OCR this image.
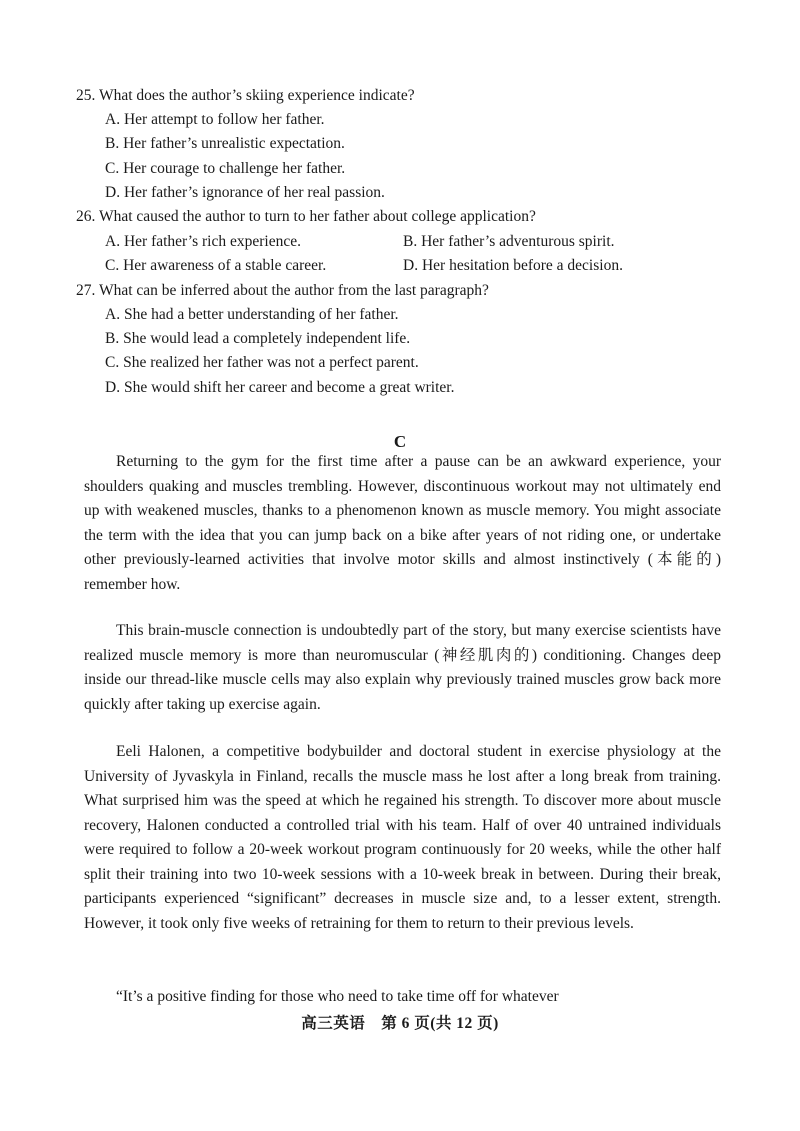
25. What does the author’s skiing experience indicate?
A. Her attempt to follow her father.
B. Her father’s unrealistic expectation.
C. Her courage to challenge her father.
D. Her father’s ignorance of her real passion.
26. What caused the author to turn to her father about college application?
A. Her father’s rich experience.	B. Her father’s adventurous spirit.
C. Her awareness of a stable career.	D. Her hesitation before a decision.
27. What can be inferred about the author from the last paragraph?
A. She had a better understanding of her father.
B. She would lead a completely independent life.
C. She realized her father was not a perfect parent.
D. She would shift her career and become a great writer.
C

Returning to the gym for the first time after a pause can be an awkward experience, your shoulders quaking and muscles trembling. However, discontinuous workout may not ultimately end up with weakened muscles, thanks to a phenomenon known as muscle memory. You might associate the term with the idea that you can jump back on a bike after years of not riding one, or undertake other previously-learned activities that involve motor skills and almost instinctively (本能的) remember how.

This brain-muscle connection is undoubtedly part of the story, but many exercise scientists have realized muscle memory is more than neuromuscular (神经肌肉的) conditioning. Changes deep inside our thread-like muscle cells may also explain why previously trained muscles grow back more quickly after taking up exercise again.

Eeli Halonen, a competitive bodybuilder and doctoral student in exercise physiology at the University of Jyvaskyla in Finland, recalls the muscle mass he lost after a long break from training. What surprised him was the speed at which he regained his strength. To discover more about muscle recovery, Halonen conducted a controlled trial with his team. Half of over 40 untrained individuals were required to follow a 20-week workout program continuously for 20 weeks, while the other half split their training into two 10-week sessions with a 10-week break in between. During their break, participants experienced “significant” decreases in muscle size and, to a lesser extent, strength. However, it took only five weeks of retraining for them to return to their previous levels.

“It’s a positive finding for those who need to take time off for whatever

高三英语　第 6 页(共 12 页)
